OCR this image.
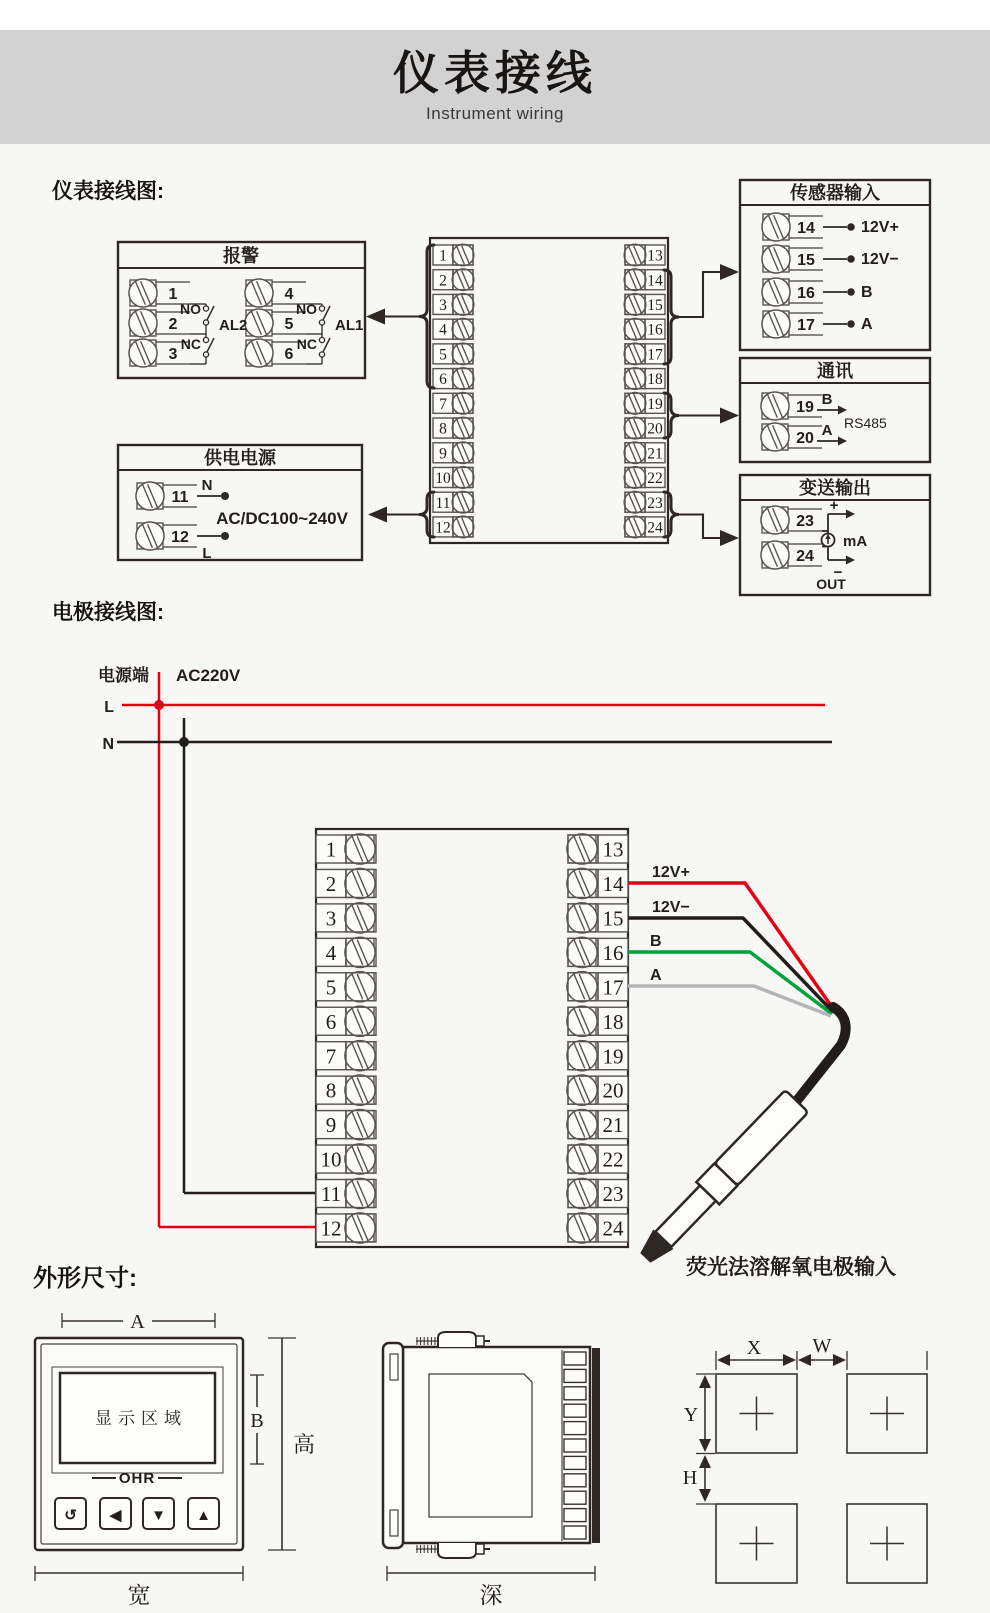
仪表接线
Instrument wiring
仪表接线图:
电极接线图:
外形尺寸:
1
2
3
4
5
6
7
8
9
10
11
12
13
14
15
16
17
18
19
20
21
22
23
24
报警
1
2
3
NO
NC
AL2
4
5
6
NO
NC
AL1
供电电源
11
12
N
L
AC/DC100~240V
传感器输入
14
15
16
17
12V+
12V−
B
A
通讯
19
20
B
A RS485
变送输出
23
24
+
−
mA
OUT
电源端 AC220V
L
N
1
2
3
4
5
6
7
8
9
10
11
12
13
14
15
16
17
18
19
20
21
22
23
24
12V+
12V−
B
A
荧光法溶解氧电极输入
A
显示区域
OHR
↺ ◀ ▼ ▲
B
高
宽	深
X	W
Y
H
